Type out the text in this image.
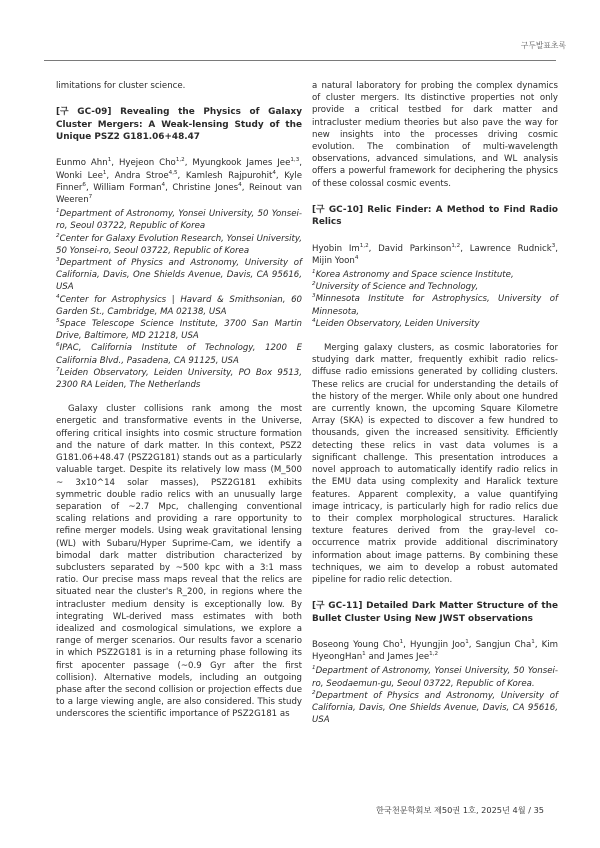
구두발표초록

limitations for cluster science.

[구 GC-09] Revealing the Physics of Galaxy Cluster Mergers: A Weak-lensing Study of the Unique PSZ2 G181.06+48.47

Eunmo Ahn$^1$, Hyejeon Cho$^{1,2}$, Myungkook James Jee$^{1,3}$, Wonki Lee$^1$, Andra Stroe$^{4,5}$, Kamlesh Rajpurohit$^4$, Kyle Finner$^6$, William Forman$^4$, Christine Jones$^4$, Reinout van Weeren$^7$

$^1$Department of Astronomy, Yonsei University, 50 Yonsei-ro, Seoul 03722, Republic of Korea

$^2$Center for Galaxy Evolution Research, Yonsei University, 50 Yonsei-ro, Seoul 03722, Republic of Korea

$^3$Department of Physics and Astronomy, University of California, Davis, One Shields Avenue, Davis, CA 95616, USA

$^4$Center for Astrophysics | Havard & Smithsonian, 60 Garden St., Cambridge, MA 02138, USA

$^5$Space Telescope Science Institute, 3700 San Martin Drive, Baltimore, MD 21218, USA

$^6$IPAC, California Institute of Technology, 1200 E California Blvd., Pasadena, CA 91125, USA

$^7$Leiden Observatory, Leiden University, PO Box 9513, 2300 RA Leiden, The Netherlands

Galaxy cluster collisions rank among the most energetic and transformative events in the Universe, offering critical insights into cosmic structure formation and the nature of dark matter. In this context, PSZ2 G181.06+48.47 (PSZ2G181) stands out as a particularly valuable target. Despite its relatively low mass (M_500 ~ 3x10^14 solar masses), PSZ2G181 exhibits symmetric double radio relics with an unusually large separation of ~2.7 Mpc, challenging conventional scaling relations and providing a rare opportunity to refine merger models. Using weak gravitational lensing (WL) with Subaru/Hyper Suprime-Cam, we identify a bimodal dark matter distribution characterized by subclusters separated by ~500 kpc with a 3:1 mass ratio. Our precise mass maps reveal that the relics are situated near the cluster's R_200, in regions where the intracluster medium density is exceptionally low. By integrating WL-derived mass estimates with both idealized and cosmological simulations, we explore a range of merger scenarios. Our results favor a scenario in which PSZ2G181 is in a returning phase following its first apocenter passage (~0.9 Gyr after the first collision). Alternative models, including an outgoing phase after the second collision or projection effects due to a large viewing angle, are also considered. This study underscores the scientific importance of PSZ2G181 as

a natural laboratory for probing the complex dynamics of cluster mergers. Its distinctive properties not only provide a critical testbed for dark matter and intracluster medium theories but also pave the way for new insights into the processes driving cosmic evolution. The combination of multi-wavelength observations, advanced simulations, and WL analysis offers a powerful framework for deciphering the physics of these colossal cosmic events.

[구 GC-10] Relic Finder: A Method to Find Radio Relics

Hyobin Im$^{1,2}$, David Parkinson$^{1,2}$, Lawrence Rudnick$^3$, Mijin Yoon$^4$

$^1$Korea Astronomy and Space science Institute,

$^2$University of Science and Technology,

$^3$Minnesota Institute for Astrophysics, University of Minnesota,

$^4$Leiden Observatory, Leiden University

Merging galaxy clusters, as cosmic laboratories for studying dark matter, frequently exhibit radio relics-diffuse radio emissions generated by colliding clusters. These relics are crucial for understanding the details of the history of the merger. While only about one hundred are currently known, the upcoming Square Kilometre Array (SKA) is expected to discover a few hundred to thousands, given the increased sensitivity. Efficiently detecting these relics in vast data volumes is a significant challenge. This presentation introduces a novel approach to automatically identify radio relics in the EMU data using complexity and Haralick texture features. Apparent complexity, a value quantifying image intricacy, is particularly high for radio relics due to their complex morphological structures. Haralick texture features derived from the gray-level co-occurrence matrix provide additional discriminatory information about image patterns. By combining these techniques, we aim to develop a robust automated pipeline for radio relic detection.

[구 GC-11] Detailed Dark Matter Structure of the Bullet Cluster Using New JWST observations

Boseong Young Cho$^1$, Hyungjin Joo$^1$, Sangjun Cha$^1$, Kim HyeongHan$^1$ and James Jee$^{1,2}$

$^1$Department of Astronomy, Yonsei University, 50 Yonsei-ro, Seodaemun-gu, Seoul 03722, Republic of Korea.

$^2$Department of Physics and Astronomy, University of California, Davis, One Shields Avenue, Davis, CA 95616, USA

한국천문학회보 제50권 1호, 2025년 4월 / 35
